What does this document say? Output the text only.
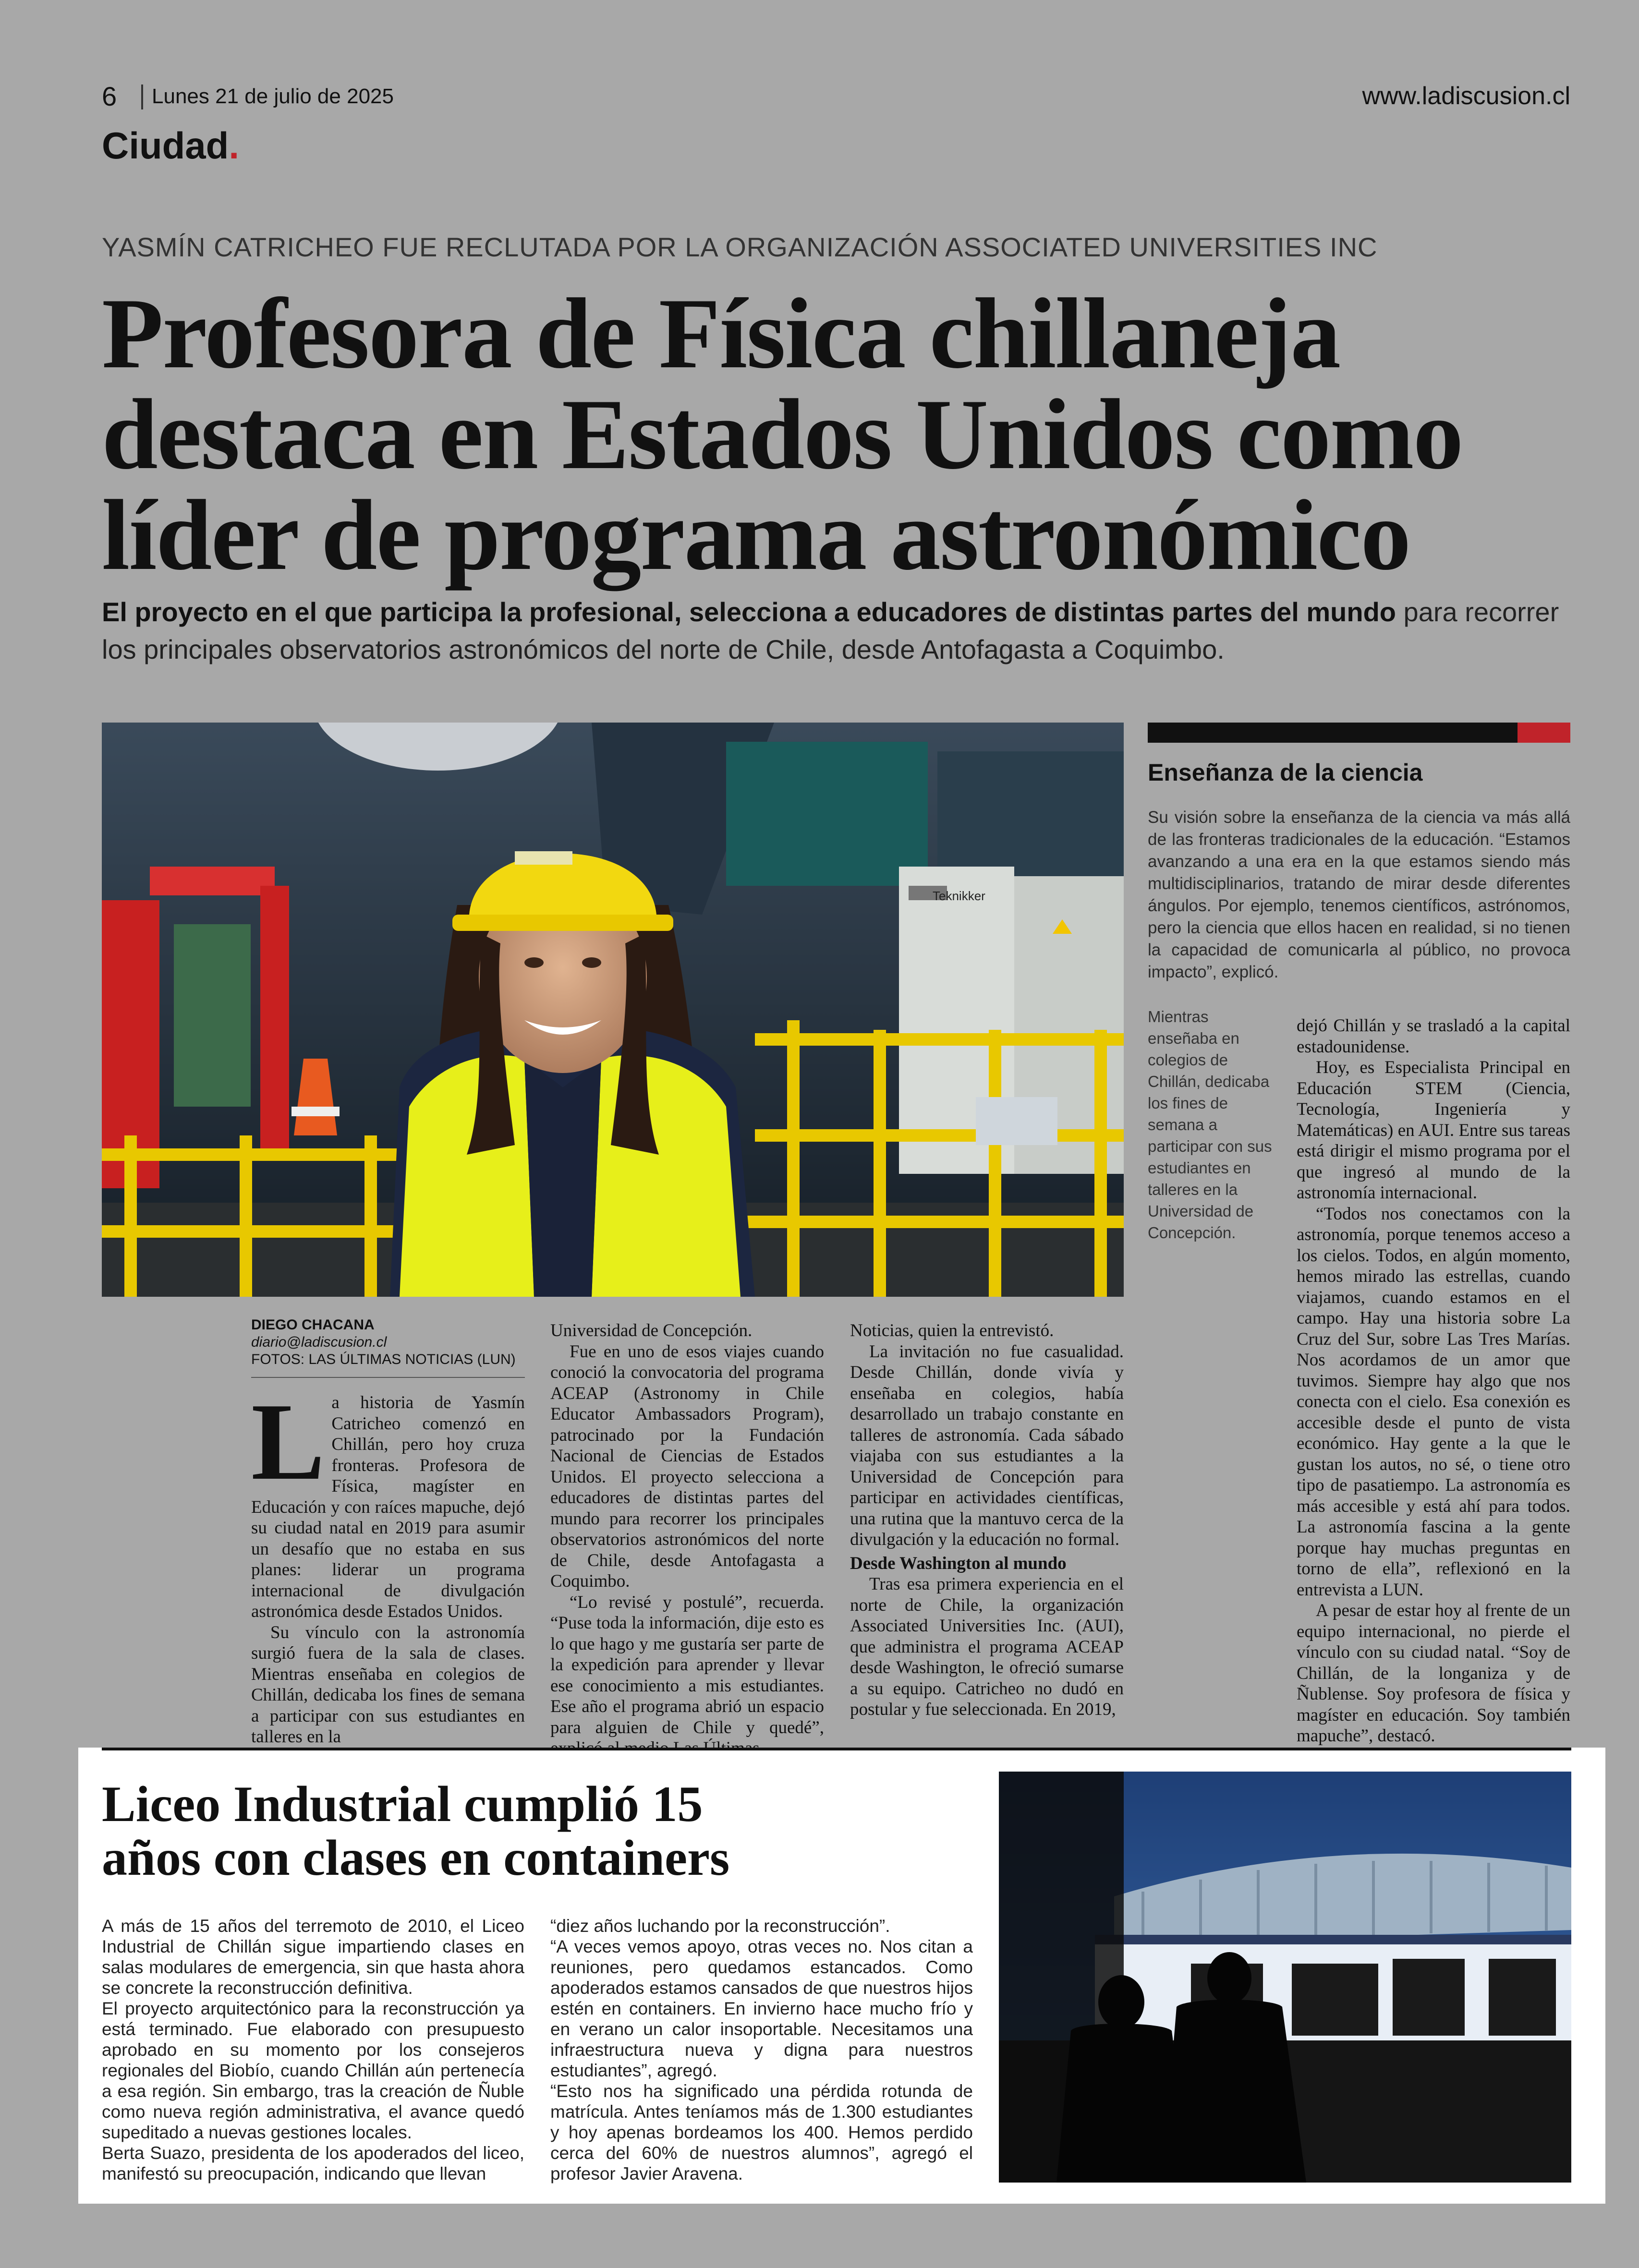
6 Lunes 21 de julio de 2025	www.ladiscusion.cl
Ciudad.
YASMÍN CATRICHEO FUE RECLUTADA POR LA ORGANIZACIÓN ASSOCIATED UNIVERSITIES INC
Profesora de Física chillaneja
destaca en Estados Unidos como
líder de programa astronómico
El proyecto en el que participa la profesional, selecciona a educadores de distintas partes del mundo para recorrer los principales observatorios astronómicos del norte de Chile, desde Antofagasta a Coquimbo.
Teknikker
Enseñanza de la ciencia
Su visión sobre la enseñanza de la ciencia va más allá de las fronteras tradicionales de la educación. “Estamos avanzando a una era en la que estamos siendo más multidisciplinarios, tratando de mirar desde diferentes ángulos. Por ejemplo, tenemos científicos, astrónomos, pero la ciencia que ellos hacen en realidad, si no tienen la capacidad de comunicarla al público, no provoca impacto”, explicó.
Mientras enseñaba en colegios de Chillán, dedicaba los fines de semana a participar con sus estudiantes en talleres en la Universidad de Concepción.

dejó Chillán y se trasladó a la capital estadounidense.

Hoy, es Especialista Principal en Educación STEM (Ciencia, Tecnología, Ingeniería y Matemáticas) en AUI. Entre sus tareas está dirigir el mismo programa por el que ingresó al mundo de la astronomía internacional.

“Todos nos conectamos con la astronomía, porque tenemos acceso a los cielos. Todos, en algún momento, hemos mirado las estrellas, cuando viajamos, cuando estamos en el campo. Hay una historia sobre La Cruz del Sur, sobre Las Tres Marías. Nos acordamos de un amor que tuvimos. Siempre hay algo que nos conecta con el cielo. Esa conexión es accesible desde el punto de vista económico. Hay gente a la que le gustan los autos, no sé, o tiene otro tipo de pasatiempo. La astronomía es más accesible y está ahí para todos. La astronomía fascina a la gente porque hay muchas preguntas en torno de ella”, reflexionó en la entrevista a LUN.

A pesar de estar hoy al frente de un equipo internacional, no pierde el vínculo con su ciudad natal. “Soy de Chillán, de la longaniza y de Ñublense. Soy profesora de física y magíster en educación. Soy también mapuche”, destacó.

DIEGO CHACANA
diario@ladiscusion.cl
FOTOS: LAS ÚLTIMAS NOTICIAS (LUN)

La historia de Yasmín Catricheo comenzó en Chillán, pero hoy cruza fronteras. Profesora de Física, magíster en Educación y con raíces mapuche, dejó su ciudad natal en 2019 para asumir un desafío que no estaba en sus planes: liderar un programa internacional de divulgación astronómica desde Estados Unidos.

Su vínculo con la astronomía surgió fuera de la sala de clases. Mientras enseñaba en colegios de Chillán, dedicaba los fines de semana a participar con sus estudiantes en talleres en la

Universidad de Concepción.

Fue en uno de esos viajes cuando conoció la convocatoria del programa ACEAP (Astronomy in Chile Educator Ambassadors Program), patrocinado por la Fundación Nacional de Ciencias de Estados Unidos. El proyecto selecciona a educadores de distintas partes del mundo para recorrer los principales observatorios astronómicos del norte de Chile, desde Antofagasta a Coquimbo.

“Lo revisé y postulé”, recuerda. “Puse toda la información, dije esto es lo que hago y me gustaría ser parte de la expedición para aprender y llevar ese conocimiento a mis estudiantes. Ese año el programa abrió un espacio para alguien de Chile y quedé”,

Noticias, quien la entrevistó.

La invitación no fue casualidad. Desde Chillán, donde vivía y enseñaba en colegios, había desarrollado un trabajo constante en talleres de astronomía. Cada sábado viajaba con sus estudiantes a la Universidad de Concepción para participar en actividades científicas, una rutina que la mantuvo cerca de la divulgación y la educación no formal.

Desde Washington al mundo

Tras esa primera experiencia en el norte de Chile, la organización Associated Universities Inc. (AUI), que administra el programa ACEAP desde Washington, le ofreció sumarse a su equipo. Catricheo no dudó en postular y fue seleccionada. En 2019,

Liceo Industrial cumplió 15
años con clases en containers

A más de 15 años del terremoto de 2010, el Liceo Industrial de Chillán sigue impartiendo clases en salas modulares de emergencia, sin que hasta ahora se concrete la reconstrucción definitiva.

El proyecto arquitectónico para la reconstrucción ya está terminado. Fue elaborado con presupuesto aprobado en su momento por los consejeros regionales del Biobío, cuando Chillán aún pertenecía a esa región. Sin embargo, tras la creación de Ñuble como nueva región administrativa, el avance quedó supeditado a nuevas gestiones locales.

Berta Suazo, presidenta de los apoderados del liceo, manifestó su preocupación, indicando que llevan

“diez años luchando por la reconstrucción”.

“A veces vemos apoyo, otras veces no. Nos citan a reuniones, pero quedamos estancados. Como apoderados estamos cansados de que nuestros hijos estén en containers. En invierno hace mucho frío y en verano un calor insoportable. Necesitamos una infraestructura nueva y digna para nuestros estudiantes”, agregó.

“Esto nos ha significado una pérdida rotunda de matrícula. Antes teníamos más de 1.300 estudiantes y hoy apenas bordeamos los 400. Hemos perdido cerca del 60% de nuestros alumnos”, agregó el profesor Javier Aravena.
